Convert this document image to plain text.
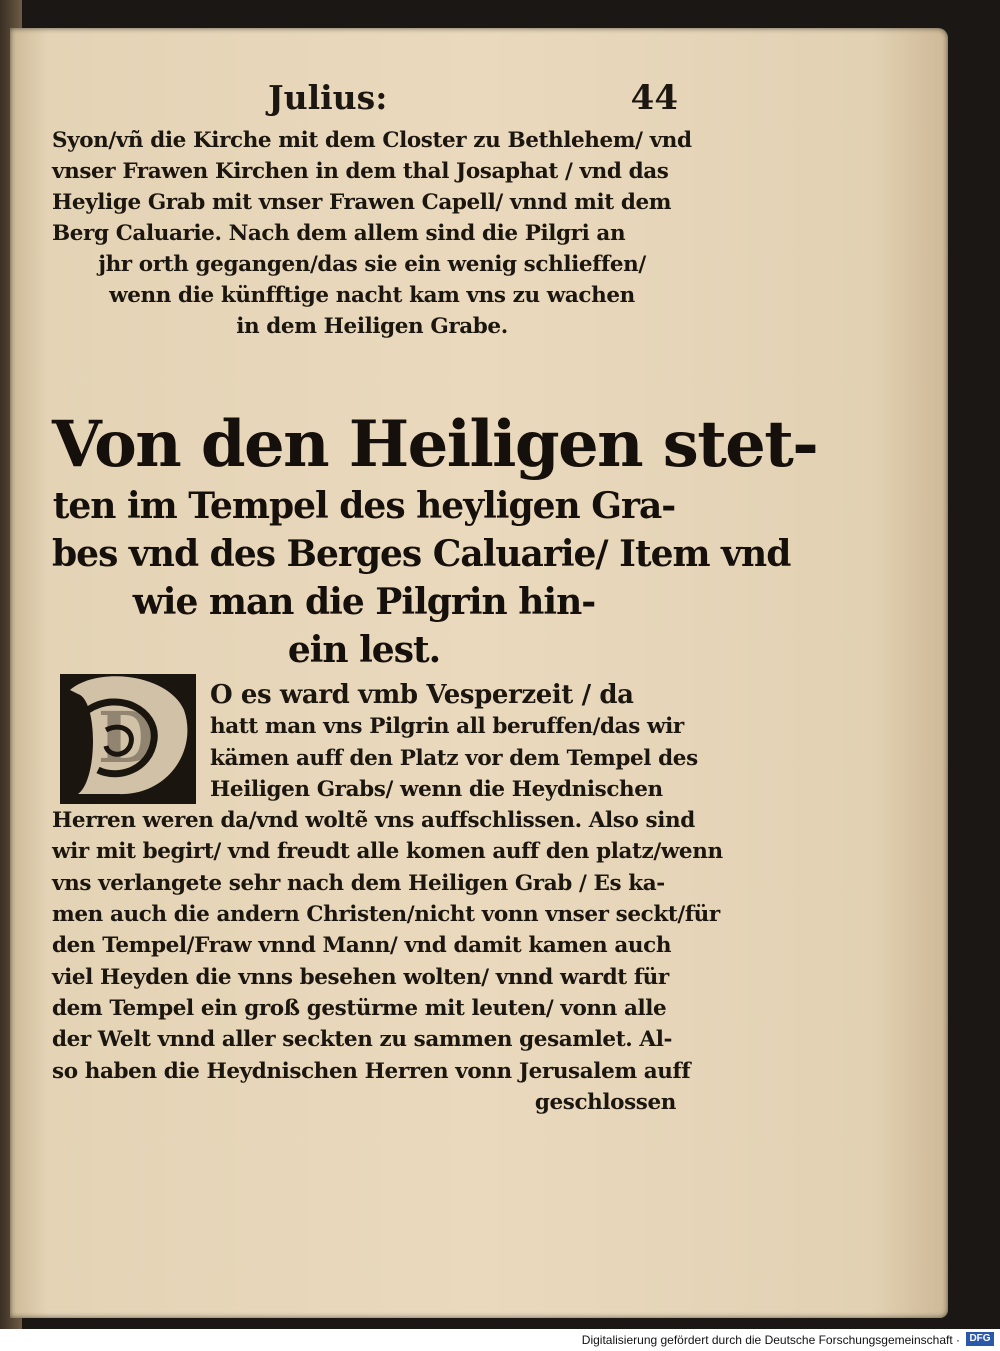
Julius:	44
Syon/vñ die Kirche mit dem Closter zu Bethlehem/ vnd
vnser Frawen Kirchen in dem thal Josaphat / vnd das
Heylige Grab mit vnser Frawen Capell/ vnnd mit dem
Berg Caluarie. Nach dem allem sind die Pilgri an
jhr orth gegangen/das sie ein wenig schlieffen/
wenn die künfftige nacht kam vns zu wachen
in dem Heiligen Grabe.
Von den Heiligen stet-
ten im Tempel des heyligen Gra-
bes vnd des Berges Caluarie/ Item vnd
wie man die Pilgrin hin-
ein lest.
D
O es ward vmb Vesperzeit / da
hatt man vns Pilgrin all beruffen/das wir
kämen auff den Platz vor dem Tempel des
Heiligen Grabs/ wenn die Heydnischen
Herren weren da/vnd woltẽ vns auffschlissen. Also sind
wir mit begirt/ vnd freudt alle komen auff den platz/wenn
vns verlangete sehr nach dem Heiligen Grab / Es ka-
men auch die andern Christen/nicht vonn vnser seckt/für
den Tempel/Fraw vnnd Mann/ vnd damit kamen auch
viel Heyden die vnns besehen wolten/ vnnd wardt für
dem Tempel ein groß gestürme mit leuten/ vonn alle
der Welt vnnd aller seckten zu sammen gesamlet. Al-
so haben die Heydnischen Herren vonn Jerusalem auff
geschlossen
Digitalisierung gefördert durch die Deutsche Forschungsgemeinschaft · DFG
